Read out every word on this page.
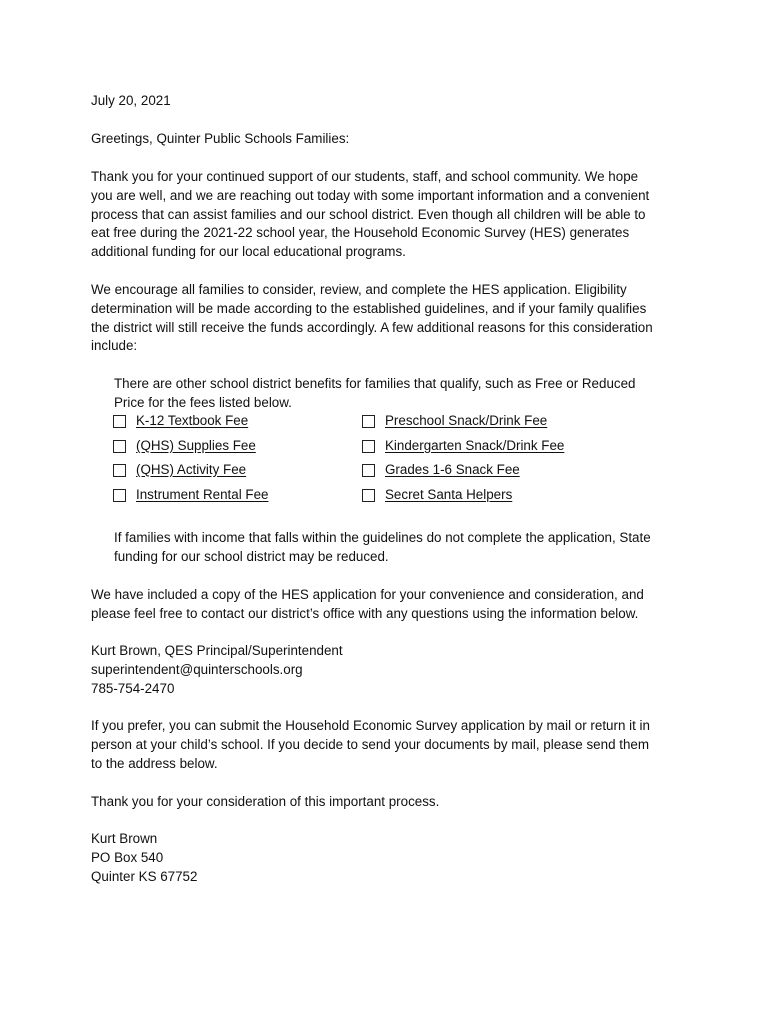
July 20, 2021

Greetings, Quinter Public Schools Families:

Thank you for your continued support of our students, staff, and school community. We hope
you are well, and we are reaching out today with some important information and a convenient
process that can assist families and our school district. Even though all children will be able to
eat free during the 2021-22 school year, the Household Economic Survey (HES) generates
additional funding for our local educational programs.

We encourage all families to consider, review, and complete the HES application. Eligibility
determination will be made according to the established guidelines, and if your family qualifies
the district will still receive the funds accordingly. A few additional reasons for this consideration
include:

There are other school district benefits for families that qualify, such as Free or Reduced
Price for the fees listed below.

K-12 Textbook Fee
(QHS) Supplies Fee
(QHS) Activity Fee
Instrument Rental Fee
Preschool Snack/Drink Fee
Kindergarten Snack/Drink Fee
Grades 1-6 Snack Fee
Secret Santa Helpers

If families with income that falls within the guidelines do not complete the application, State
funding for our school district may be reduced.

We have included a copy of the HES application for your convenience and consideration, and
please feel free to contact our district’s office with any questions using the information below.

Kurt Brown, QES Principal/Superintendent
superintendent@quinterschools.org
785-754-2470

If you prefer, you can submit the Household Economic Survey application by mail or return it in
person at your child’s school. If you decide to send your documents by mail, please send them
to the address below.

Thank you for your consideration of this important process.

Kurt Brown
PO Box 540
Quinter KS 67752
